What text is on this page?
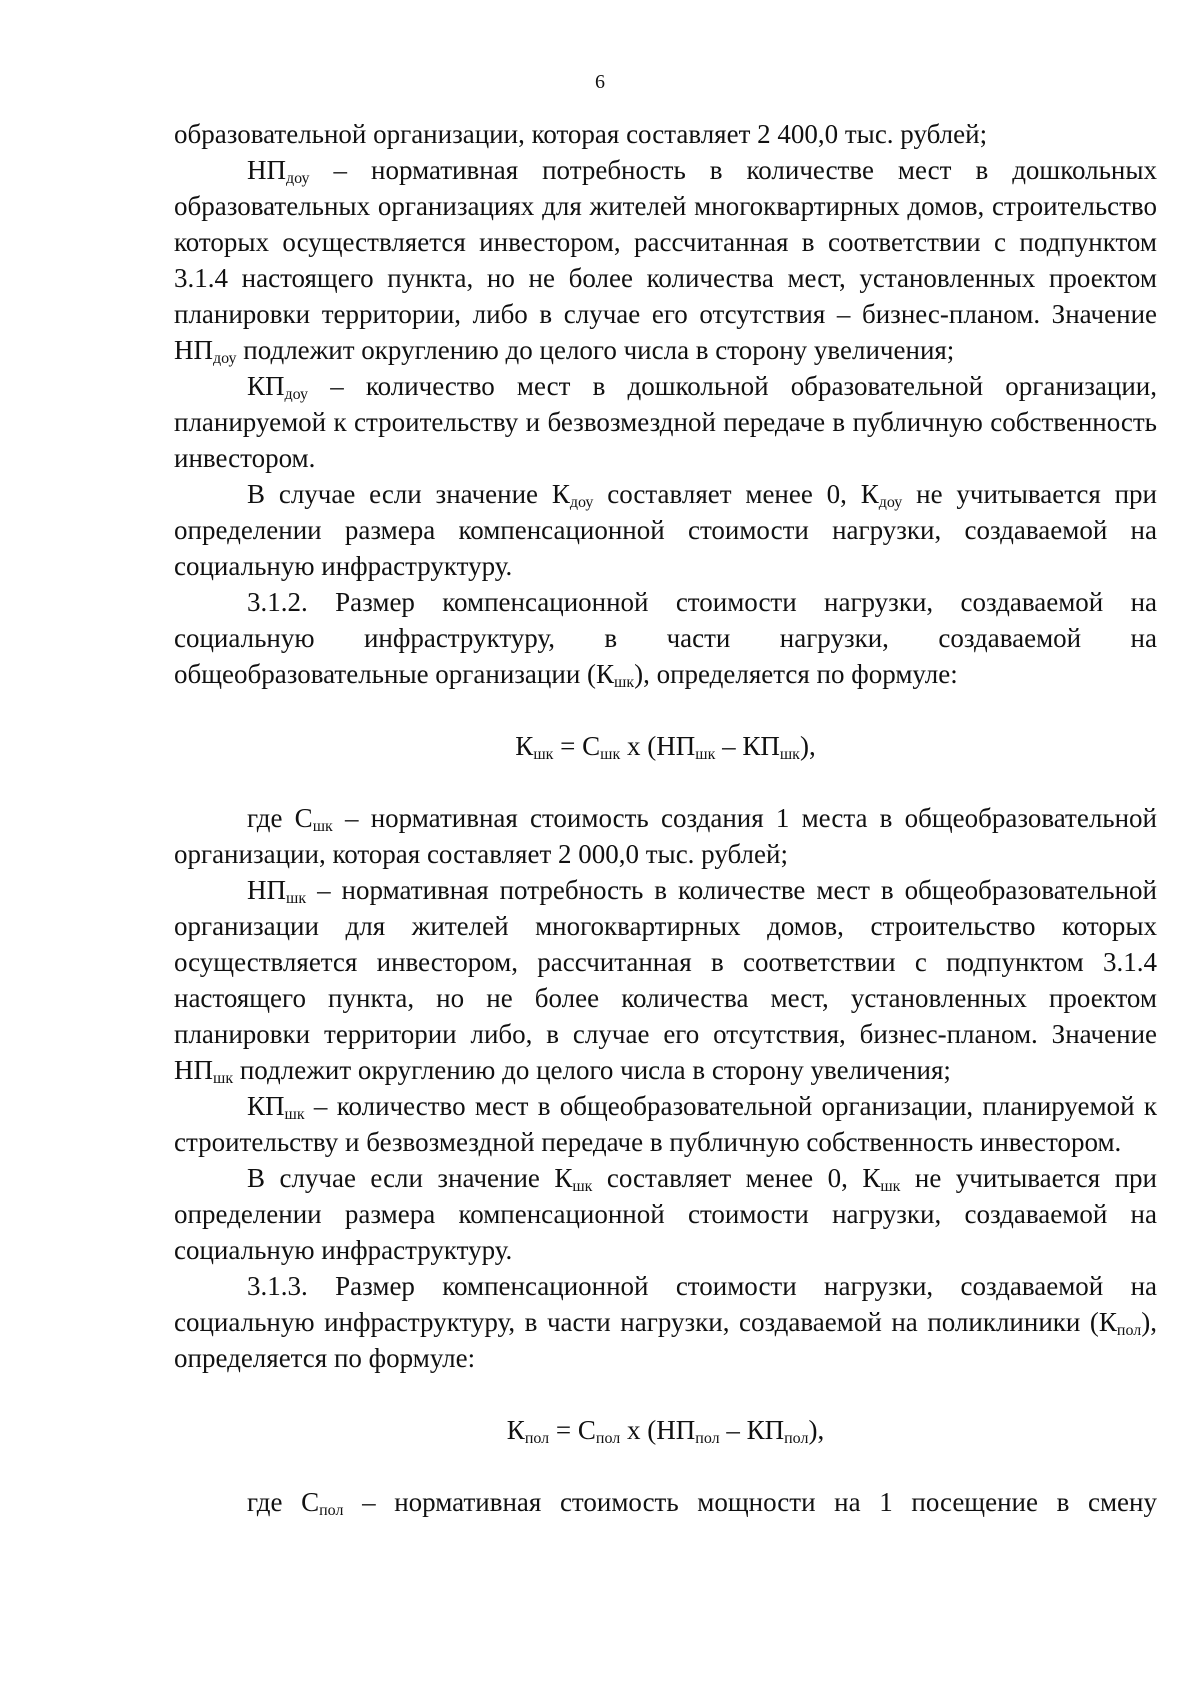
6

образовательной организации, которая составляет 2 400,0 тыс. рублей;

$НП_{доу}$ – нормативная потребность в количестве мест в дошкольных образовательных организациях для жителей многоквартирных домов, строительство которых осуществляется инвестором, рассчитанная в соответствии с подпунктом 3.1.4 настоящего пункта, но не более количества мест, установленных проектом планировки территории, либо в случае его отсутствия – бизнес-планом. Значение $НП_{доу}$ подлежит округлению до целого числа в сторону увеличения;

$КП_{доу}$ – количество мест в дошкольной образовательной организации, планируемой к строительству и безвозмездной передаче в публичную собственность инвестором.

В случае если значение $К_{доу}$ составляет менее 0, $К_{доу}$ не учитывается при определении размера компенсационной стоимости нагрузки, создаваемой на социальную инфраструктуру.

3.1.2. Размер компенсационной стоимости нагрузки, создаваемой на социальную инфраструктуру, в части нагрузки, создаваемой на общеобразовательные организации $(К_{шк})$, определяется по формуле:

$К_{шк} = С_{шк}$ х $(НП_{шк} - КП_{шк})$,

где $С_{шк}$ – нормативная стоимость создания 1 места в общеобразовательной организации, которая составляет 2 000,0 тыс. рублей;

$НП_{шк}$ – нормативная потребность в количестве мест в общеобразовательной организации для жителей многоквартирных домов, строительство которых осуществляется инвестором, рассчитанная в соответствии с подпунктом 3.1.4 настоящего пункта, но не более количества мест, установленных проектом планировки территории либо, в случае его отсутствия, бизнес-планом. Значение $НП_{шк}$ подлежит округлению до целого числа в сторону увеличения;

$КП_{шк}$ – количество мест в общеобразовательной организации, планируемой к строительству и безвозмездной передаче в публичную собственность инвестором.

В случае если значение $К_{шк}$ составляет менее 0, $К_{шк}$ не учитывается при определении размера компенсационной стоимости нагрузки, создаваемой на социальную инфраструктуру.

3.1.3. Размер компенсационной стоимости нагрузки, создаваемой на социальную инфраструктуру, в части нагрузки, создаваемой на поликлиники $(К_{пол})$, определяется по формуле:

$К_{пол} = С_{пол}$ х $(НП_{пол} - КП_{пол})$,

где $С_{пол}$ – нормативная стоимость мощности на 1 посещение в смену
